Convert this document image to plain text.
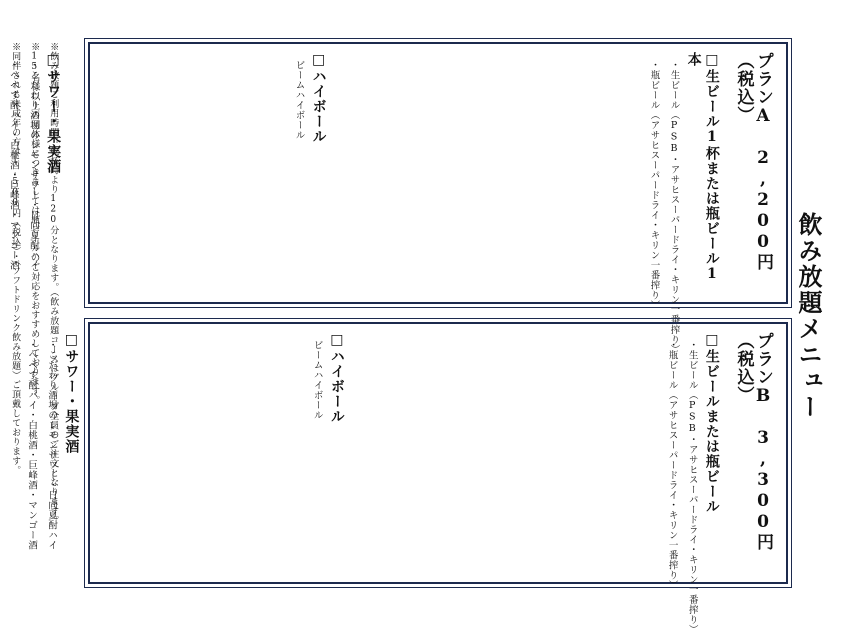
飲み放題メニュー
プランA 2,200円（税込）
□生ビール1杯または瓶ビール1本
・生ビール（PSB・アサヒスーパードライ・キリン一番搾り）
・瓶ビール（アサヒスーパードライ・キリン一番搾り）
□ハイボール
ビームハイボール
□サワー・果実酒
・こだわり酒場のレモンサワー・日向夏酎ハイ
・へべす酎ハイ・白桃酒・巨峰酒・マンゴー酒
プランB 3,300円（税込）
□生ビールまたは瓶ビール
・生ビール（PSB・アサヒスーパードライ・キリン一番搾り）
・瓶ビール（アサヒスーパードライ・キリン一番搾り）
□ハイボール
ビームハイボール
□サワー・果実酒
・こだわり酒場のレモンサワー・日向夏酎ハイ
・へべす酎ハイ・白桃酒・巨峰酒・マンゴー酒	※飲み放題ご利用時間：乾杯時より120分となります。（飲み放題コースはグループ全員のご注文となります。
※15名様以上の団体様につきましては瓶ビールのご対応をおすすめしております。
※同伴される未成年の方は1,500円（税込）・（ソフトドリンク飲み放題）ご頂戴しております。
